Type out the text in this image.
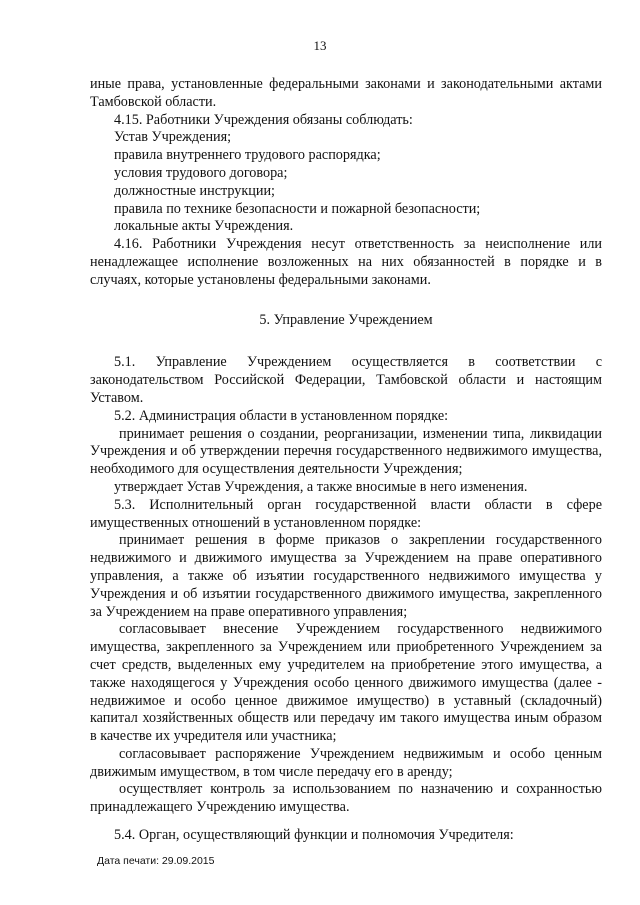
13

иные права, установленные федеральными законами и законодательными актами Тамбовской области.

4.15. Работники Учреждения обязаны соблюдать:

Устав Учреждения;

правила внутреннего трудового распорядка;

условия трудового договора;

должностные инструкции;

правила по технике безопасности и пожарной безопасности;

локальные акты Учреждения.

4.16. Работники Учреждения несут ответственность за неисполнение или ненадлежащее исполнение возложенных на них обязанностей в порядке и в случаях, которые установлены федеральными законами.

5. Управление Учреждением

5.1. Управление Учреждением осуществляется в соответствии с законодательством Российской Федерации, Тамбовской области и настоящим Уставом.

5.2. Администрация области в установленном порядке:

принимает решения о создании, реорганизации, изменении типа, ликвидации Учреждения и об утверждении перечня государственного недвижимого имущества, необходимого для осуществления деятельности Учреждения;

утверждает Устав Учреждения, а также вносимые в него изменения.

5.3. Исполнительный орган государственной власти области в сфере имущественных отношений в установленном порядке:

принимает решения в форме приказов о закреплении государственного недвижимого и движимого имущества за Учреждением на праве оперативного управления, а также об изъятии государственного недвижимого имущества у Учреждения и об изъятии государственного движимого имущества, закрепленного за Учреждением на праве оперативного управления;

согласовывает внесение Учреждением государственного недвижимого имущества, закрепленного за Учреждением или приобретенного Учреждением за счет средств, выделенных ему учредителем на приобретение этого имущества, а также находящегося у Учреждения особо ценного движимого имущества (далее - недвижимое и особо ценное движимое имущество) в уставный (складочный) капитал хозяйственных обществ или передачу им такого имущества иным образом в качестве их учредителя или участника;

согласовывает распоряжение Учреждением недвижимым и особо ценным движимым имуществом, в том числе передачу его в аренду;

осуществляет контроль за использованием по назначению и сохранностью принадлежащего Учреждению имущества.

5.4. Орган, осуществляющий функции и полномочия Учредителя:

Дата печати: 29.09.2015
